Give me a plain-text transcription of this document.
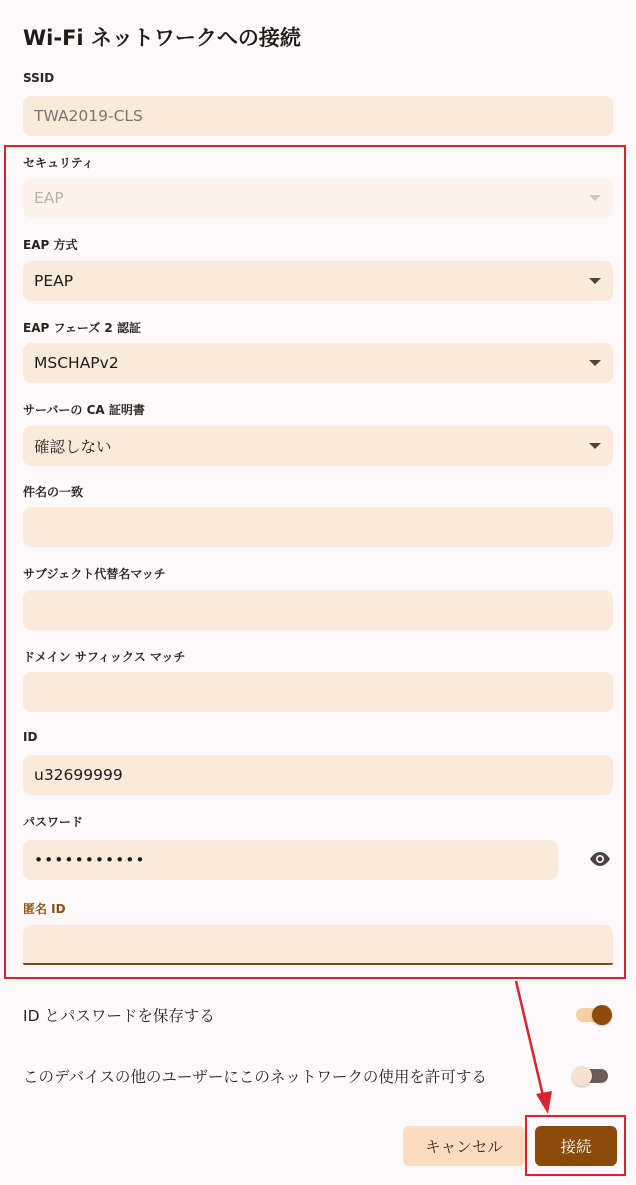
Wi-Fi ネットワークへの接続
SSID
TWA2019-CLS
セキュリティ
EAP
EAP 方式
PEAP
EAP フェーズ 2 認証
MSCHAPv2
サーバーの CA 証明書
確認しない
件名の一致
サブジェクト代替名マッチ
ドメイン サフィックス マッチ
ID
u32699999
パスワード
•••••••••••
匿名 ID
ID とパスワードを保存する
このデバイスの他のユーザーにこのネットワークの使用を許可する
キャンセル	接続
